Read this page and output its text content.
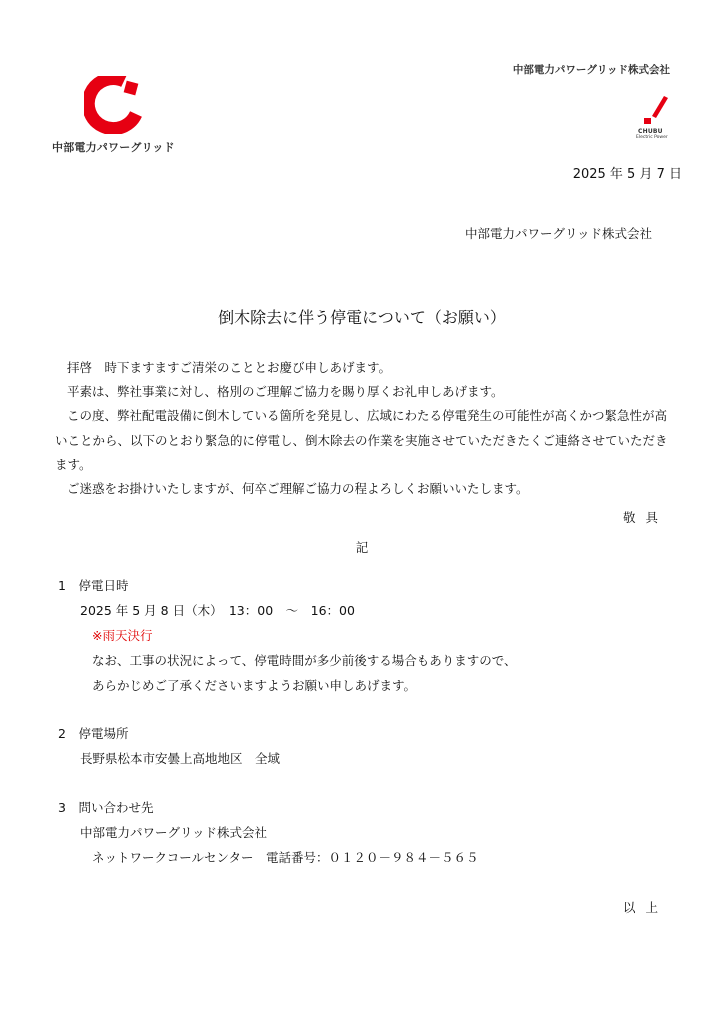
中部電力パワーグリッド
中部電力パワーグリッド株式会社
CHUBU
Electric Power
2025 年 5 月 7 日
中部電力パワーグリッド株式会社
倒木除去に伴う停電について（お願い）

拝啓　時下ますますご清栄のこととお慶び申しあげます。

平素は、弊社事業に対し、格別のご理解ご協力を賜り厚くお礼申しあげます。

この度、弊社配電設備に倒木している箇所を発見し、広域にわたる停電発生の可能性が高くかつ緊急性が高いことから、以下のとおり緊急的に停電し、倒木除去の作業を実施させていただきたくご連絡させていただきます。

ご迷惑をお掛けいたしますが、何卒ご理解ご協力の程よろしくお願いいたします。

敬具
記
1　停電日時
2025 年 5 月 8 日（木）　13：00　～　16：00
※雨天決行
なお、工事の状況によって、停電時間が多少前後する場合もありますので、
あらかじめご了承くださいますようお願い申しあげます。
2　停電場所
長野県松本市安曇上高地地区　全域
3　問い合わせ先
中部電力パワーグリッド株式会社
ネットワークコールセンター　電話番号：０１２０－９８４－５６５
以上
